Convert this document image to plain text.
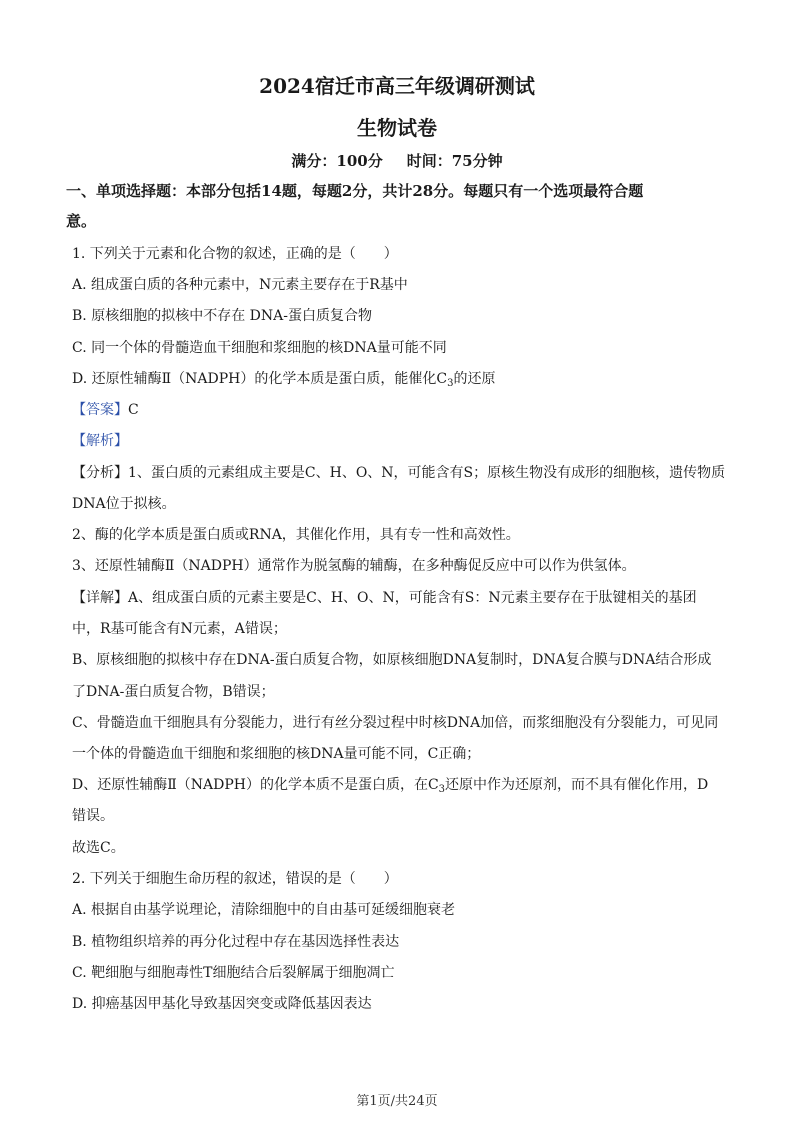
2024宿迁市高三年级调研测试
生物试卷
满分：100分 时间：75分钟
一、单项选择题：本部分包括14题，每题2分，共计28分。每题只有一个选项最符合题
意。
1. 下列关于元素和化合物的叙述，正确的是（　　）
A. 组成蛋白质的各种元素中，N元素主要存在于R基中
B. 原核细胞的拟核中不存在 DNA-蛋白质复合物
C. 同一个体的骨髓造血干细胞和浆细胞的核DNA量可能不同
D. 还原性辅酶Ⅱ（NADPH）的化学本质是蛋白质，能催化$C_3$的还原
【答案】C
【解析】
【分析】1、蛋白质的元素组成主要是C、H、O、N，可能含有S；原核生物没有成形的细胞核，遗传物质
DNA位于拟核。
2、酶的化学本质是蛋白质或RNA，其催化作用，具有专一性和高效性。
3、还原性辅酶Ⅱ（NADPH）通常作为脱氢酶的辅酶，在多种酶促反应中可以作为供氢体。
【详解】A、组成蛋白质的元素主要是C、H、O、N，可能含有S：N元素主要存在于肽键相关的基团
中，R基可能含有N元素，A错误；
B、原核细胞的拟核中存在DNA-蛋白质复合物，如原核细胞DNA复制时，DNA复合膜与DNA结合形成
了DNA-蛋白质复合物，B错误；
C、骨髓造血干细胞具有分裂能力，进行有丝分裂过程中时核DNA加倍，而浆细胞没有分裂能力，可见同
一个体的骨髓造血干细胞和浆细胞的核DNA量可能不同，C正确；
D、还原性辅酶Ⅱ（NADPH）的化学本质不是蛋白质，在$C_3$还原中作为还原剂，而不具有催化作用，D
错误。
故选C。
2. 下列关于细胞生命历程的叙述，错误的是（　　）
A. 根据自由基学说理论，清除细胞中的自由基可延缓细胞衰老
B. 植物组织培养的再分化过程中存在基因选择性表达
C. 靶细胞与细胞毒性T细胞结合后裂解属于细胞凋亡
D. 抑癌基因甲基化导致基因突变或降低基因表达
第1页/共24页
